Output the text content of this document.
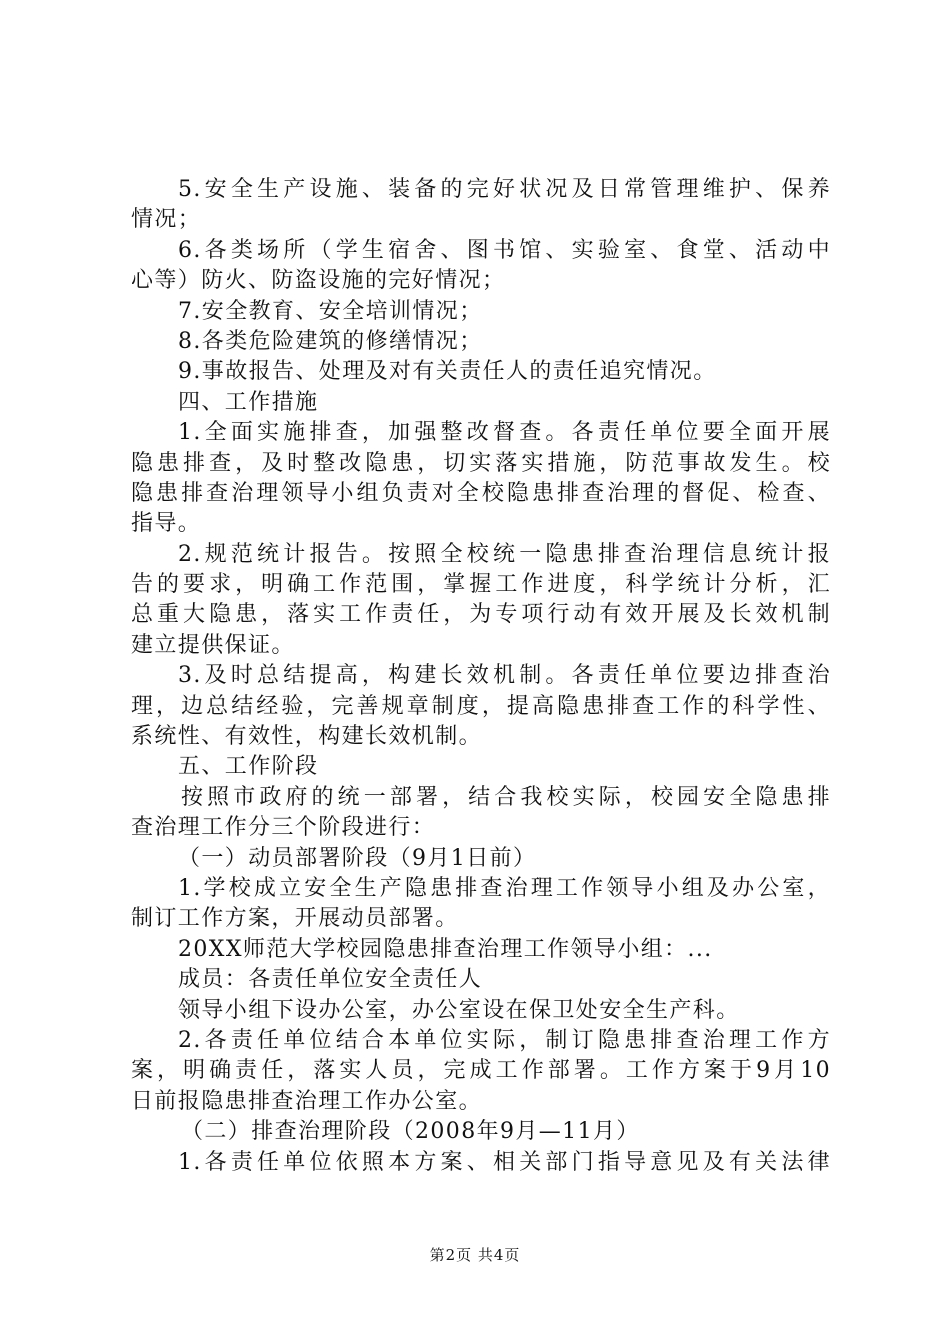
5.安全生产设施、装备的完好状况及日常管理维护、保养
情况；
6.各类场所（学生宿舍、图书馆、实验室、食堂、活动中
心等）防火、防盗设施的完好情况；
7.安全教育、安全培训情况；
8.各类危险建筑的修缮情况；
9.事故报告、处理及对有关责任人的责任追究情况。
四、工作措施
1.全面实施排查，加强整改督查。各责任单位要全面开展
隐患排查，及时整改隐患，切实落实措施，防范事故发生。校
隐患排查治理领导小组负责对全校隐患排查治理的督促、检查、
指导。
2.规范统计报告。按照全校统一隐患排查治理信息统计报
告的要求，明确工作范围，掌握工作进度，科学统计分析，汇
总重大隐患，落实工作责任，为专项行动有效开展及长效机制
建立提供保证。
3.及时总结提高，构建长效机制。各责任单位要边排查治
理，边总结经验，完善规章制度，提高隐患排查工作的科学性、
系统性、有效性，构建长效机制。
五、工作阶段
按照市政府的统一部署，结合我校实际，校园安全隐患排
查治理工作分三个阶段进行：
（一）动员部署阶段（9月1日前）
1.学校成立安全生产隐患排查治理工作领导小组及办公室，
制订工作方案，开展动员部署。
20XX师范大学校园隐患排查治理工作领导小组：...
成员：各责任单位安全责任人
领导小组下设办公室，办公室设在保卫处安全生产科。
2.各责任单位结合本单位实际，制订隐患排查治理工作方
案，明确责任，落实人员，完成工作部署。工作方案于9月10
日前报隐患排查治理工作办公室。
（二）排查治理阶段（2008年9月—11月）
1.各责任单位依照本方案、相关部门指导意见及有关法律
第2页 共4页
